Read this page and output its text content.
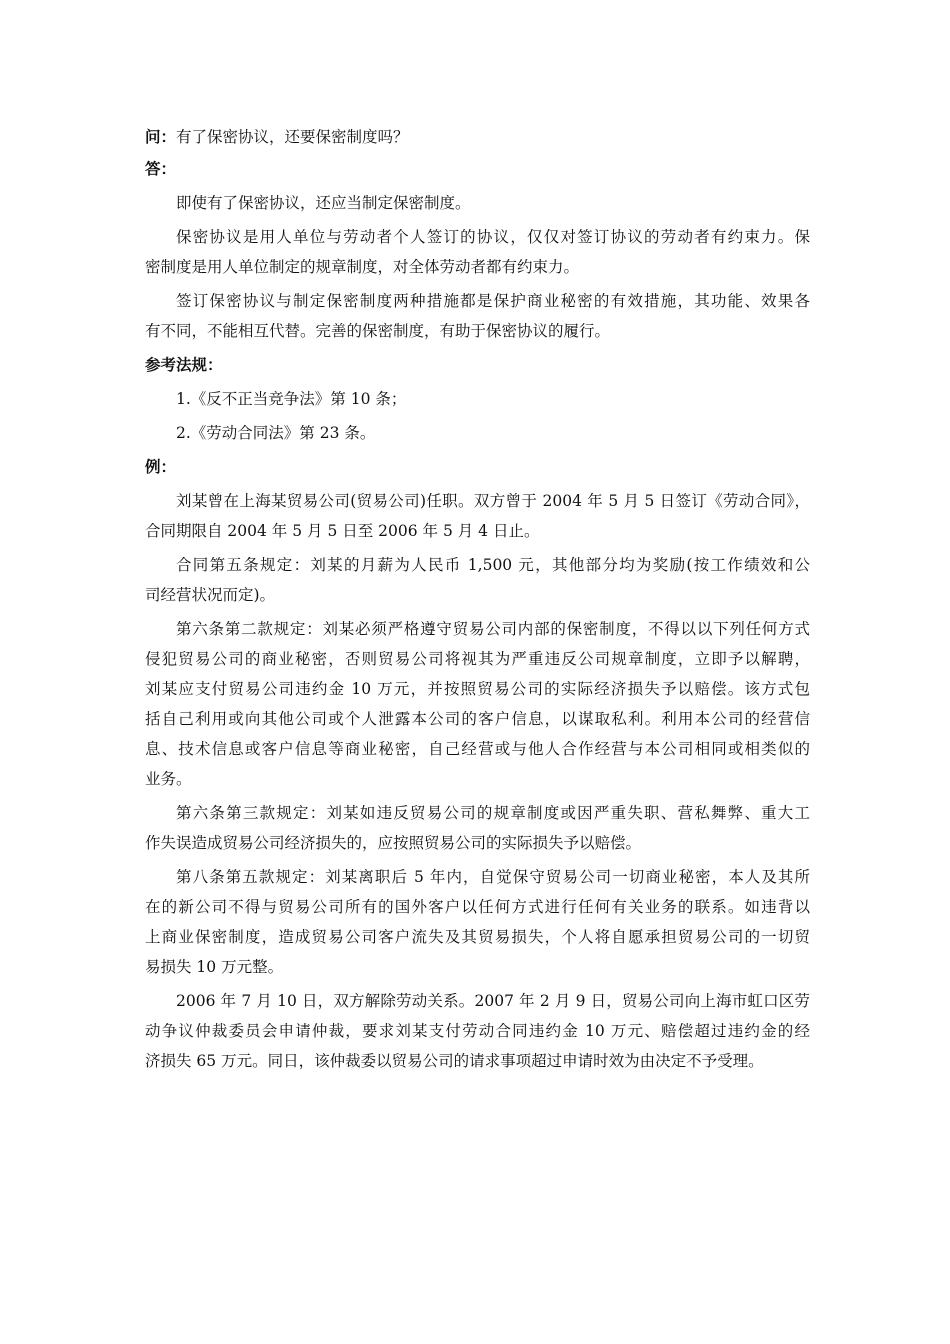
问：有了保密协议，还要保密制度吗？
答：
即使有了保密协议，还应当制定保密制度。
保密协议是用人单位与劳动者个人签订的协议，仅仅对签订协议的劳动者有约束力。保
密制度是用人单位制定的规章制度，对全体劳动者都有约束力。
签订保密协议与制定保密制度两种措施都是保护商业秘密的有效措施，其功能、效果各
有不同，不能相互代替。完善的保密制度，有助于保密协议的履行。
参考法规：
1.《反不正当竞争法》第 10 条；
2.《劳动合同法》第 23 条。
例：
刘某曾在上海某贸易公司(贸易公司)任职。双方曾于 2004 年 5 月 5 日签订《劳动合同》，
合同期限自 2004 年 5 月 5 日至 2006 年 5 月 4 日止。
合同第五条规定：刘某的月薪为人民币 1,500 元，其他部分均为奖励(按工作绩效和公
司经营状况而定)。
第六条第二款规定：刘某必须严格遵守贸易公司内部的保密制度，不得以以下列任何方式
侵犯贸易公司的商业秘密，否则贸易公司将视其为严重违反公司规章制度，立即予以解聘，
刘某应支付贸易公司违约金 10 万元，并按照贸易公司的实际经济损失予以赔偿。该方式包
括自己利用或向其他公司或个人泄露本公司的客户信息，以谋取私利。利用本公司的经营信
息、技术信息或客户信息等商业秘密，自己经营或与他人合作经营与本公司相同或相类似的
业务。
第六条第三款规定：刘某如违反贸易公司的规章制度或因严重失职、营私舞弊、重大工
作失误造成贸易公司经济损失的，应按照贸易公司的实际损失予以赔偿。
第八条第五款规定：刘某离职后 5 年内，自觉保守贸易公司一切商业秘密，本人及其所
在的新公司不得与贸易公司所有的国外客户以任何方式进行任何有关业务的联系。如违背以
上商业保密制度，造成贸易公司客户流失及其贸易损失，个人将自愿承担贸易公司的一切贸
易损失 10 万元整。
2006 年 7 月 10 日，双方解除劳动关系。2007 年 2 月 9 日，贸易公司向上海市虹口区劳
动争议仲裁委员会申请仲裁，要求刘某支付劳动合同违约金 10 万元、赔偿超过违约金的经
济损失 65 万元。同日，该仲裁委以贸易公司的请求事项超过申请时效为由决定不予受理。
